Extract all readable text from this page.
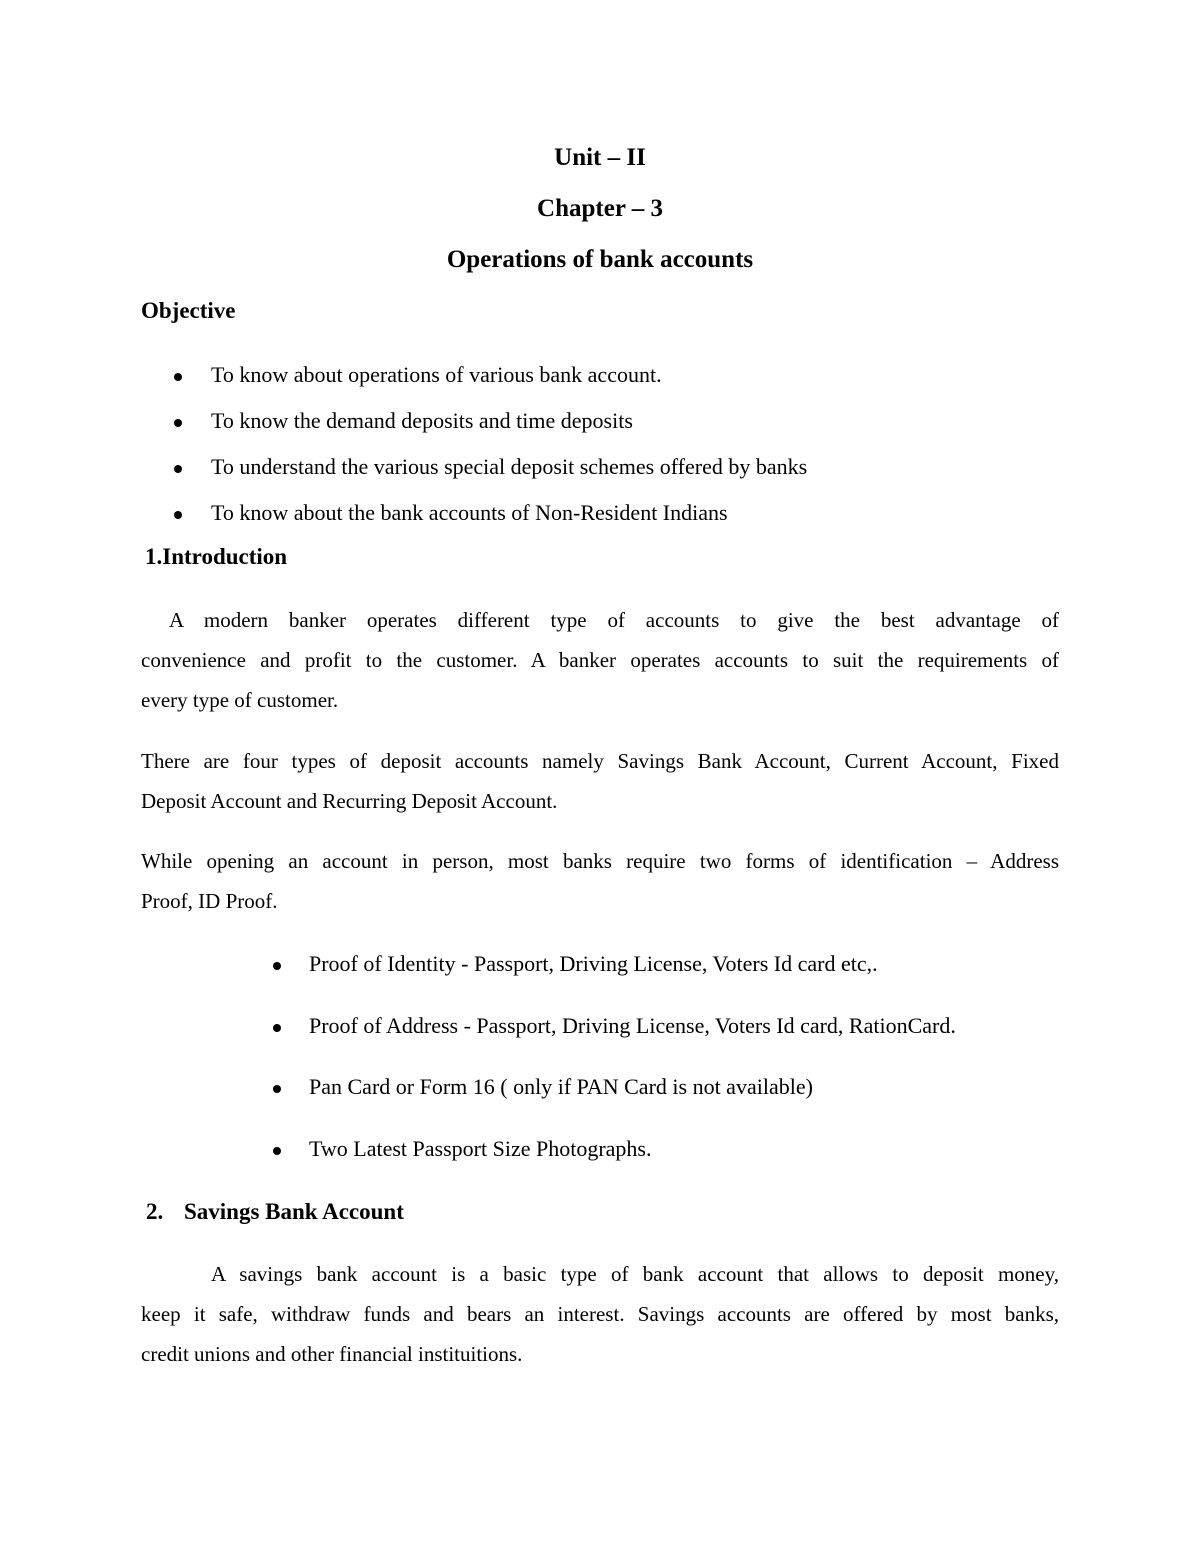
Unit – II

Chapter – 3

Operations of bank accounts

Objective

To know about operations of various bank account.
To know the demand deposits and time deposits
To understand the various special deposit schemes offered by banks
To know about the bank accounts of Non-Resident Indians

1.Introduction

A modern banker operates different type of accounts to give the best advantage of
convenience and profit to the customer. A banker operates accounts to suit the requirements of
every type of customer.
There are four types of deposit accounts namely Savings Bank Account, Current Account, Fixed
Deposit Account and Recurring Deposit Account.
While opening an account in person, most banks require two forms of identification – Address
Proof, ID Proof.
Proof of Identity - Passport, Driving License, Voters Id card etc,.
Proof of Address - Passport, Driving License, Voters Id card, RationCard.
Pan Card or Form 16 ( only if PAN Card is not available)
Two Latest Passport Size Photographs.

2. Savings Bank Account

A savings bank account is a basic type of bank account that allows to deposit money,
keep it safe, withdraw funds and bears an interest. Savings accounts are offered by most banks,
credit unions and other financial instituitions.
